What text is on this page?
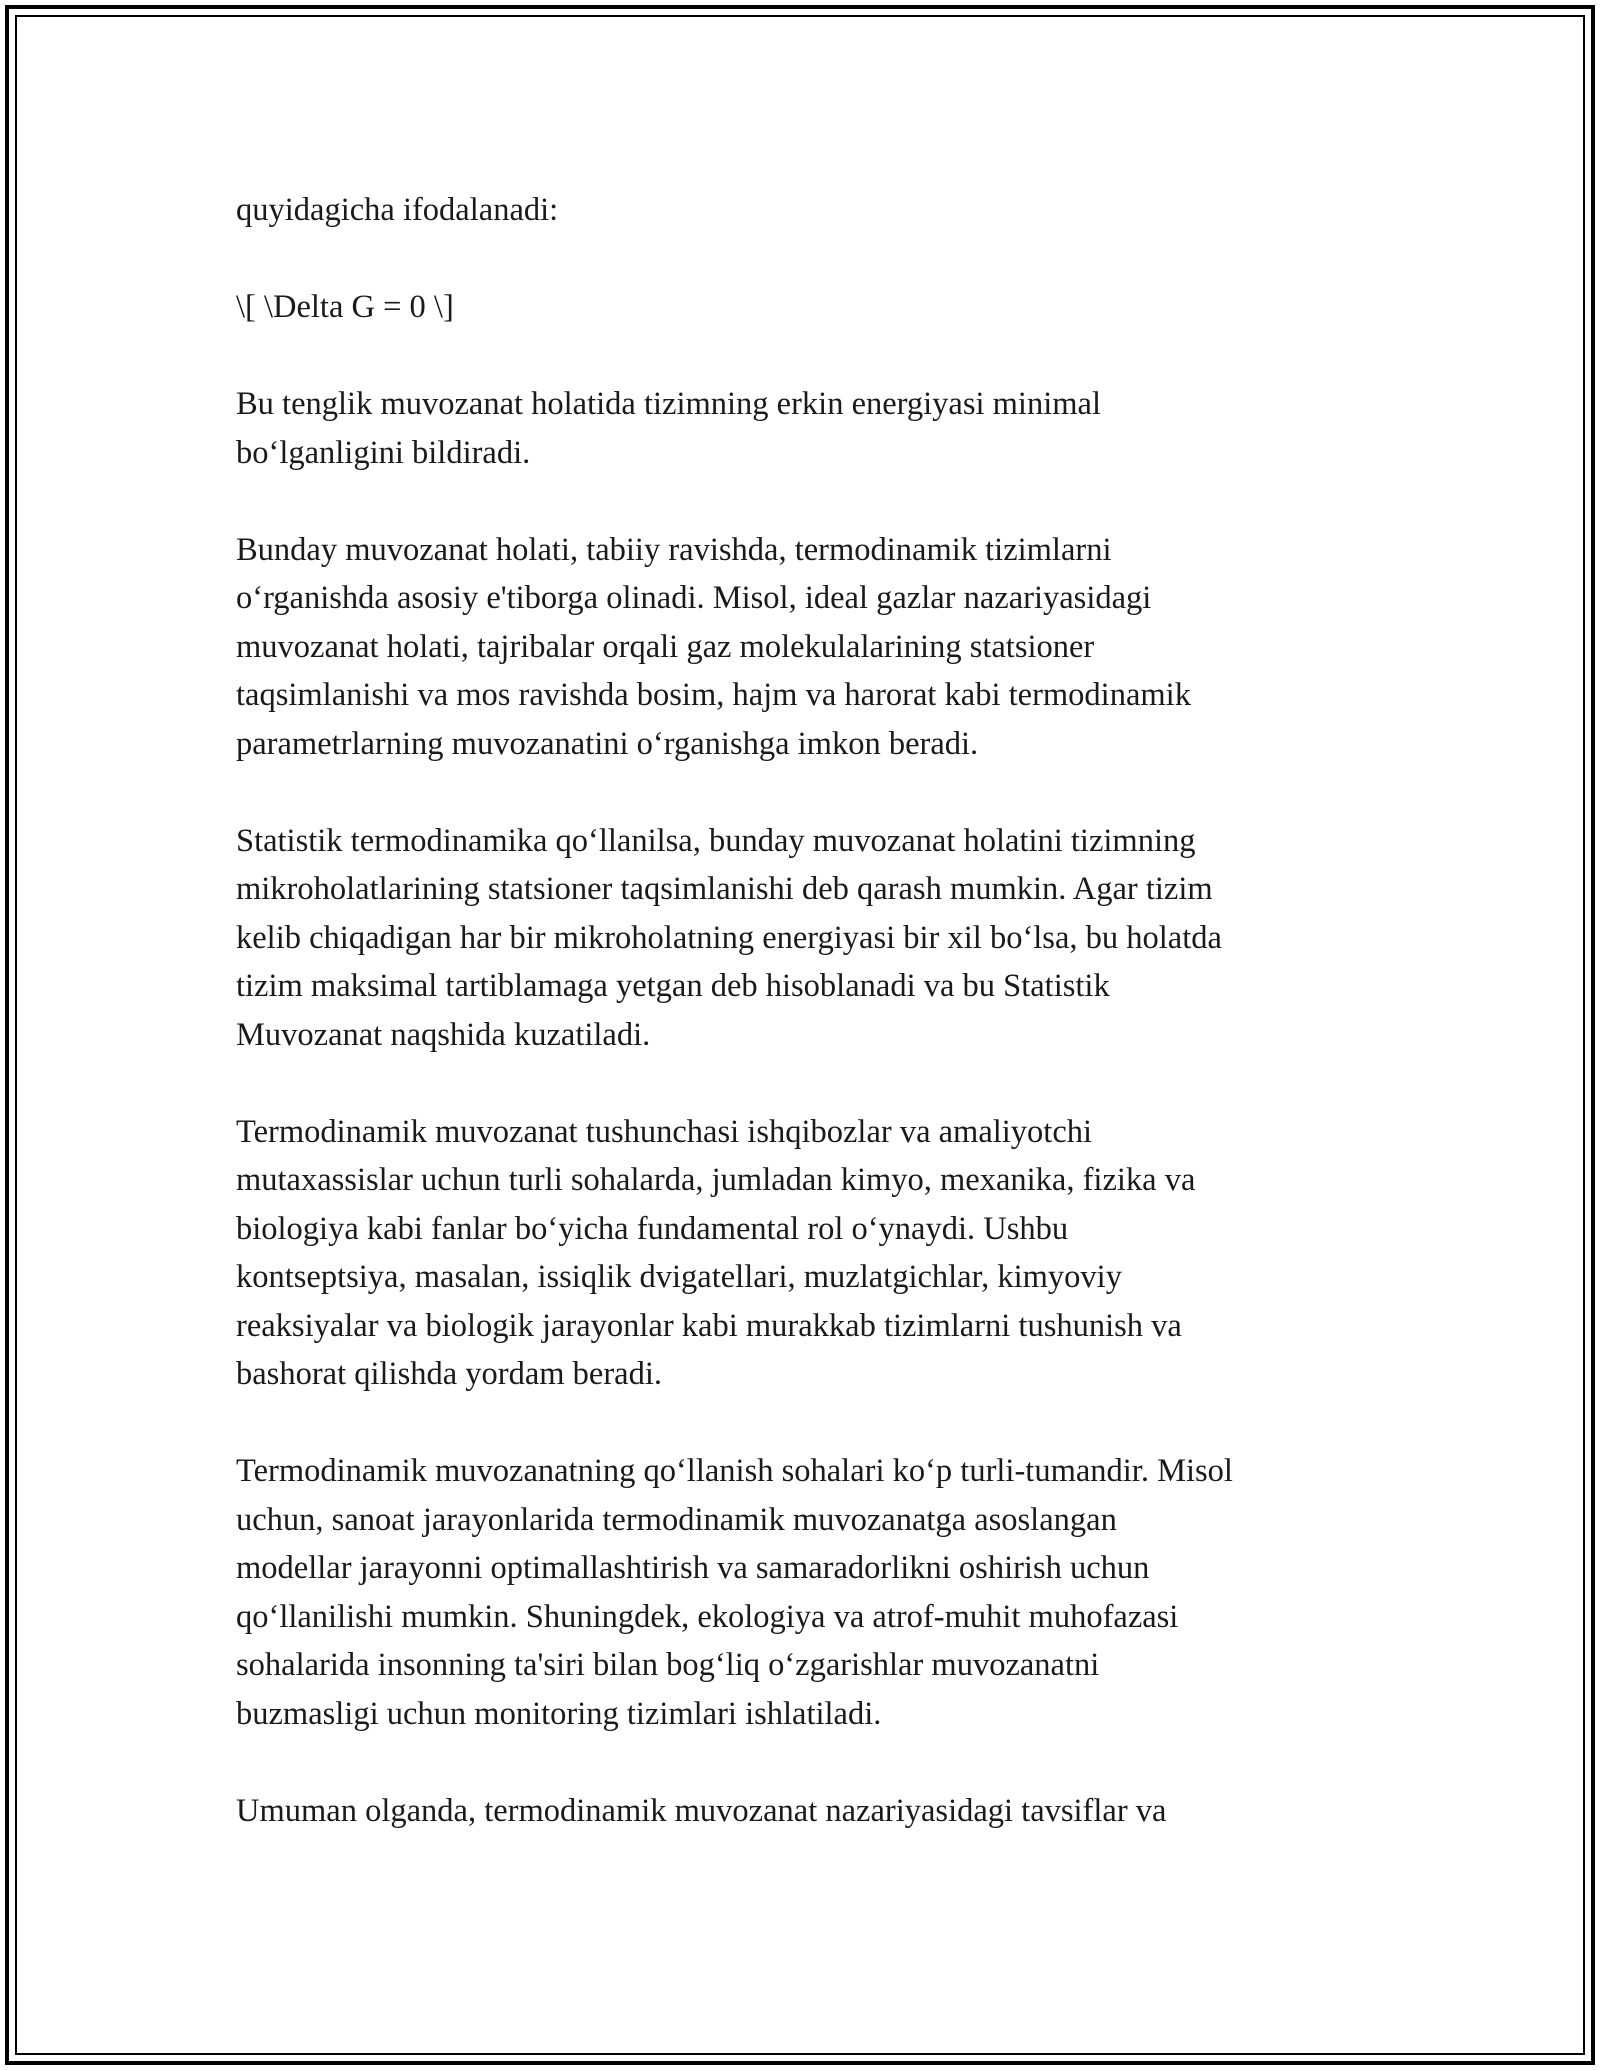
quyidagicha ifodalanadi:

\[ \Delta G = 0 \]

Bu tenglik muvozanat holatida tizimning erkin energiyasi minimal
bo‘lganligini bildiradi.

Bunday muvozanat holati, tabiiy ravishda, termodinamik tizimlarni
o‘rganishda asosiy e'tiborga olinadi. Misol, ideal gazlar nazariyasidagi
muvozanat holati, tajribalar orqali gaz molekulalarining statsioner
taqsimlanishi va mos ravishda bosim, hajm va harorat kabi termodinamik
parametrlarning muvozanatini o‘rganishga imkon beradi.

Statistik termodinamika qo‘llanilsa, bunday muvozanat holatini tizimning
mikroholatlarining statsioner taqsimlanishi deb qarash mumkin. Agar tizim
kelib chiqadigan har bir mikroholatning energiyasi bir xil bo‘lsa, bu holatda
tizim maksimal tartiblamaga yetgan deb hisoblanadi va bu Statistik
Muvozanat naqshida kuzatiladi.

Termodinamik muvozanat tushunchasi ishqibozlar va amaliyotchi
mutaxassislar uchun turli sohalarda, jumladan kimyo, mexanika, fizika va
biologiya kabi fanlar bo‘yicha fundamental rol o‘ynaydi. Ushbu
kontseptsiya, masalan, issiqlik dvigatellari, muzlatgichlar, kimyoviy
reaksiyalar va biologik jarayonlar kabi murakkab tizimlarni tushunish va
bashorat qilishda yordam beradi.

Termodinamik muvozanatning qo‘llanish sohalari ko‘p turli-tumandir. Misol
uchun, sanoat jarayonlarida termodinamik muvozanatga asoslangan
modellar jarayonni optimallashtirish va samaradorlikni oshirish uchun
qo‘llanilishi mumkin. Shuningdek, ekologiya va atrof-muhit muhofazasi
sohalarida insonning ta'siri bilan bog‘liq o‘zgarishlar muvozanatni
buzmasligi uchun monitoring tizimlari ishlatiladi.

Umuman olganda, termodinamik muvozanat nazariyasidagi tavsiflar va
